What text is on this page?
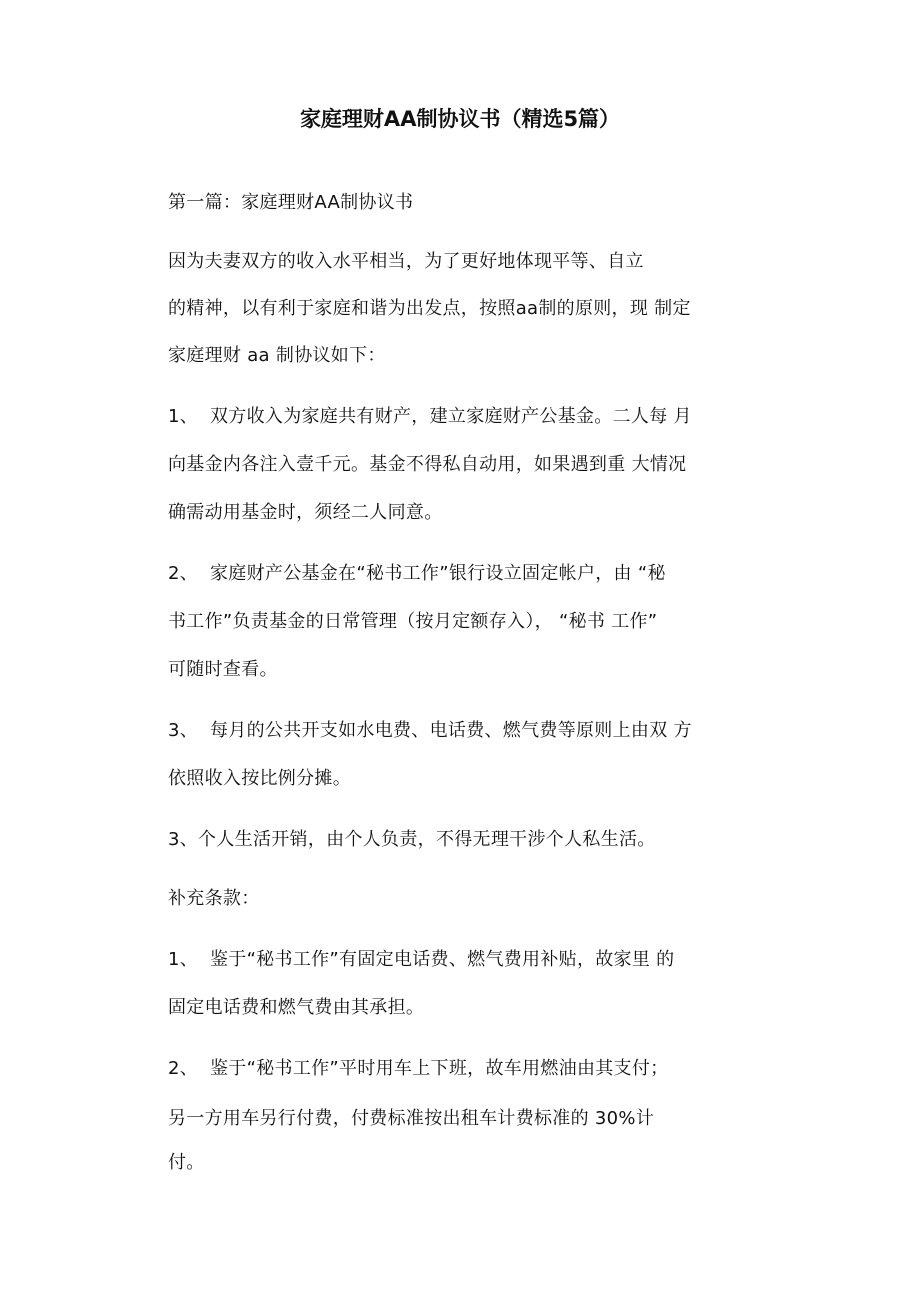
家庭理财AA制协议书（精选5篇）
第一篇：家庭理财AA制协议书
因为夫妻双方的收入水平相当，为了更好地体现平等、自立
的精神，以有利于家庭和谐为出发点，按照aa制的原则，现 制定
家庭理财 aa 制协议如下：
1、 双方收入为家庭共有财产，建立家庭财产公基金。二人每 月
向基金内各注入壹千元。基金不得私自动用，如果遇到重 大情况
确需动用基金时，须经二人同意。
2、 家庭财产公基金在“秘书工作”银行设立固定帐户，由 “秘
书工作”负责基金的日常管理（按月定额存入）， “秘书 工作”
可随时查看。
3、 每月的公共开支如水电费、电话费、燃气费等原则上由双 方
依照收入按比例分摊。
3、个人生活开销，由个人负责，不得无理干涉个人私生活。
补充条款：
1、 鉴于“秘书工作”有固定电话费、燃气费用补贴，故家里 的
固定电话费和燃气费由其承担。
2、 鉴于“秘书工作”平时用车上下班，故车用燃油由其支付；
另一方用车另行付费，付费标准按出租车计费标准的 30%计
付。
